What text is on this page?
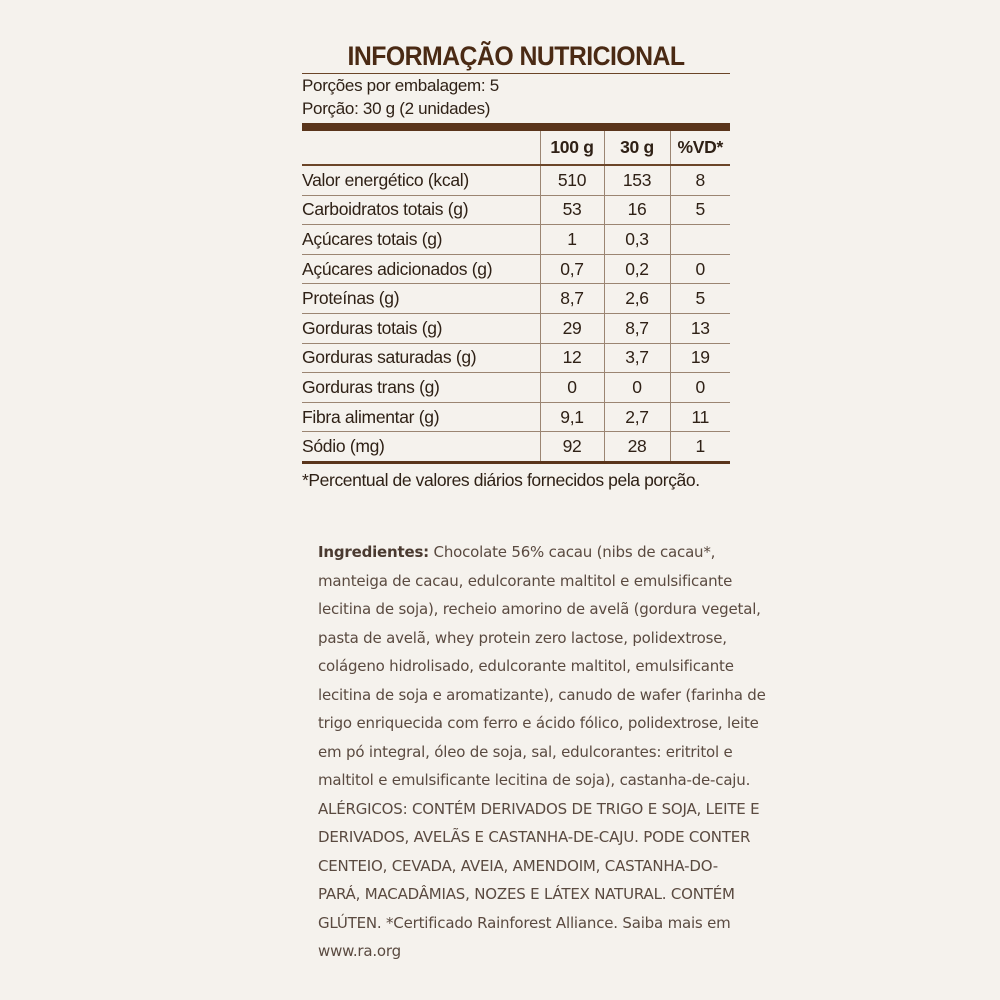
INFORMAÇÃO NUTRICIONAL
Porções por embalagem: 5
Porção: 30 g (2 unidades)
	100 g	30 g	%VD*
Valor energético (kcal)	510	153	8
Carboidratos totais (g)	53	16	5
Açúcares totais (g)	1	0,3	
Açúcares adicionados (g)	0,7	0,2	0
Proteínas (g)	8,7	2,6	5
Gorduras totais (g)	29	8,7	13
Gorduras saturadas (g)	12	3,7	19
Gorduras trans (g)	0	0	0
Fibra alimentar (g)	9,1	2,7	11
Sódio (mg)	92	28	1
*Percentual de valores diários fornecidos pela porção.
Ingredientes: Chocolate 56% cacau (nibs de cacau*,
manteiga de cacau, edulcorante maltitol e emulsificante
lecitina de soja), recheio amorino de avelã (gordura vegetal,
pasta de avelã, whey protein zero lactose, polidextrose,
colágeno hidrolisado, edulcorante maltitol, emulsificante
lecitina de soja e aromatizante), canudo de wafer (farinha de
trigo enriquecida com ferro e ácido fólico, polidextrose, leite
em pó integral, óleo de soja, sal, edulcorantes: eritritol e
maltitol e emulsificante lecitina de soja), castanha-de-caju.
ALÉRGICOS: CONTÉM DERIVADOS DE TRIGO E SOJA, LEITE E
DERIVADOS, AVELÃS E CASTANHA-DE-CAJU. PODE CONTER
CENTEIO, CEVADA, AVEIA, AMENDOIM, CASTANHA-DO-
PARÁ, MACADÂMIAS, NOZES E LÁTEX NATURAL. CONTÉM
GLÚTEN. *Certificado Rainforest Alliance. Saiba mais em
www.ra.org
